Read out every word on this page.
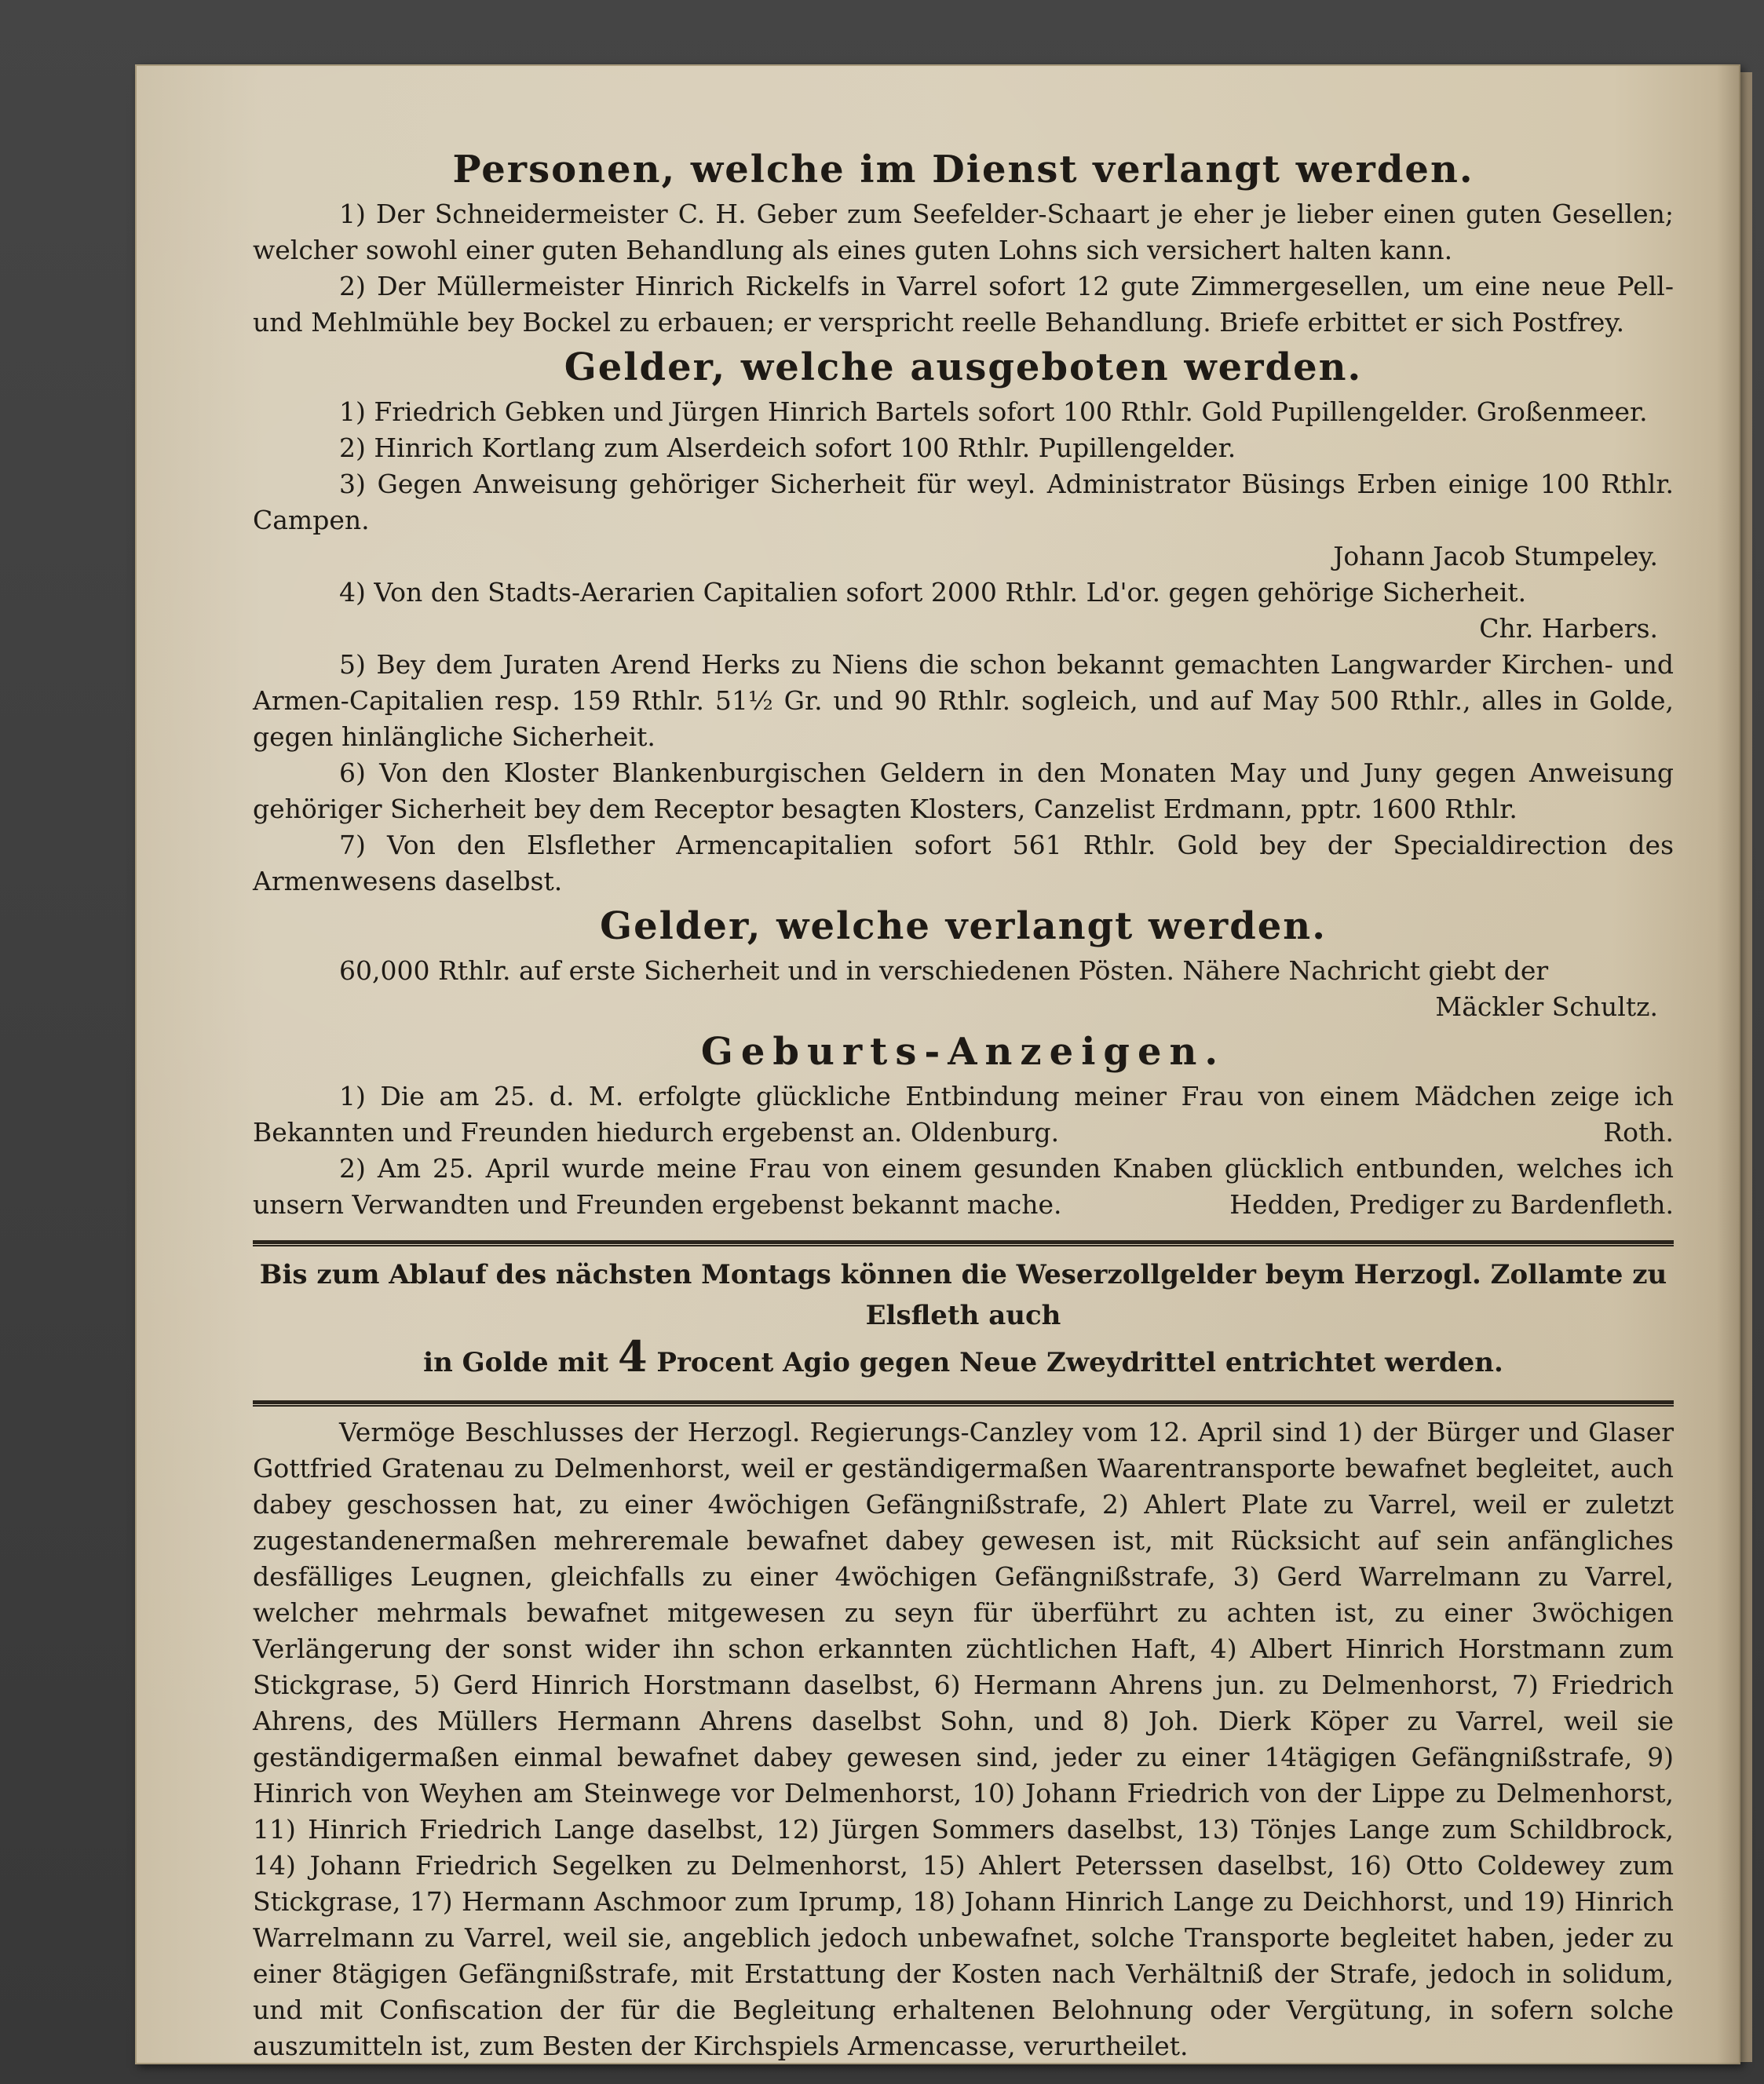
Personen, welche im Dienst verlangt werden.

1) Der Schneidermeister C. H. Geber zum Seefelder-Schaart je eher je lieber einen guten Gesellen; welcher sowohl einer guten Behandlung als eines guten Lohns sich versichert halten kann.

2) Der Müllermeister Hinrich Rickelfs in Varrel sofort 12 gute Zimmergesellen, um eine neue Pell- und Mehlmühle bey Bockel zu erbauen; er verspricht reelle Behandlung. Briefe erbittet er sich Postfrey.

Gelder, welche ausgeboten werden.

1) Friedrich Gebken und Jürgen Hinrich Bartels sofort 100 Rthlr. Gold Pupillengelder. Großenmeer.

2) Hinrich Kortlang zum Alserdeich sofort 100 Rthlr. Pupillengelder.

3) Gegen Anweisung gehöriger Sicherheit für weyl. Administrator Büsings Erben einige 100 Rthlr. Campen.

Johann Jacob Stumpeley.

4) Von den Stadts-Aerarien Capitalien sofort 2000 Rthlr. Ld'or. gegen gehörige Sicherheit.

Chr. Harbers.

5) Bey dem Juraten Arend Herks zu Niens die schon bekannt gemachten Langwarder Kirchen- und Armen-Capitalien resp. 159 Rthlr. 51½ Gr. und 90 Rthlr. sogleich, und auf May 500 Rthlr., alles in Golde, gegen hinlängliche Sicherheit.

6) Von den Kloster Blankenburgischen Geldern in den Monaten May und Juny gegen Anweisung gehöriger Sicherheit bey dem Receptor besagten Klosters, Canzelist Erdmann, pptr. 1600 Rthlr.

7) Von den Elsflether Armencapitalien sofort 561 Rthlr. Gold bey der Specialdirection des Armenwesens daselbst.

Gelder, welche verlangt werden.

60,000 Rthlr. auf erste Sicherheit und in verschiedenen Pösten. Nähere Nachricht giebt der

Mäckler Schultz.

Geburts-Anzeigen.

1) Die am 25. d. M. erfolgte glückliche Entbindung meiner Frau von einem Mädchen zeige ich Bekannten und Freunden hiedurch ergebenst an. Oldenburg.	Roth.

2) Am 25. April wurde meine Frau von einem gesunden Knaben glücklich entbunden, welches ich unsern Verwandten und Freunden ergebenst bekannt mache.	Hedden, Prediger zu Bardenfleth.

Bis zum Ablauf des nächsten Montags können die Weserzollgelder beym Herzogl. Zollamte zu Elsfleth auch
in Golde mit 4 Procent Agio gegen Neue Zweydrittel entrichtet werden.

Vermöge Beschlusses der Herzogl. Regierungs-Canzley vom 12. April sind 1) der Bürger und Glaser Gottfried Gratenau zu Delmenhorst, weil er geständigermaßen Waarentransporte bewafnet begleitet, auch dabey geschossen hat, zu einer 4wöchigen Gefängnißstrafe, 2) Ahlert Plate zu Varrel, weil er zuletzt zugestandenermaßen mehreremale bewafnet dabey gewesen ist, mit Rücksicht auf sein anfängliches desfälliges Leugnen, gleichfalls zu einer 4wöchigen Gefängnißstrafe, 3) Gerd Warrelmann zu Varrel, welcher mehrmals bewafnet mitgewesen zu seyn für überführt zu achten ist, zu einer 3wöchigen Verlängerung der sonst wider ihn schon erkannten züchtlichen Haft, 4) Albert Hinrich Horstmann zum Stickgrase, 5) Gerd Hinrich Horstmann daselbst, 6) Hermann Ahrens jun. zu Delmenhorst, 7) Friedrich Ahrens, des Müllers Hermann Ahrens daselbst Sohn, und 8) Joh. Dierk Köper zu Varrel, weil sie geständigermaßen einmal bewafnet dabey gewesen sind, jeder zu einer 14tägigen Gefängnißstrafe, 9) Hinrich von Weyhen am Steinwege vor Delmenhorst, 10) Johann Friedrich von der Lippe zu Delmenhorst, 11) Hinrich Friedrich Lange daselbst, 12) Jürgen Sommers daselbst, 13) Tönjes Lange zum Schildbrock, 14) Johann Friedrich Segelken zu Delmenhorst, 15) Ahlert Peterssen daselbst, 16) Otto Coldewey zum Stickgrase, 17) Hermann Aschmoor zum Iprump, 18) Johann Hinrich Lange zu Deichhorst, und 19) Hinrich Warrelmann zu Varrel, weil sie, angeblich jedoch unbewafnet, solche Transporte begleitet haben, jeder zu einer 8tägigen Gefängnißstrafe, mit Erstattung der Kosten nach Verhältniß der Strafe, jedoch in solidum, und mit Confiscation der für die Begleitung erhaltenen Belohnung oder Vergütung, in sofern solche auszumitteln ist, zum Besten der Kirchspiels Armencasse, verurtheilet.
